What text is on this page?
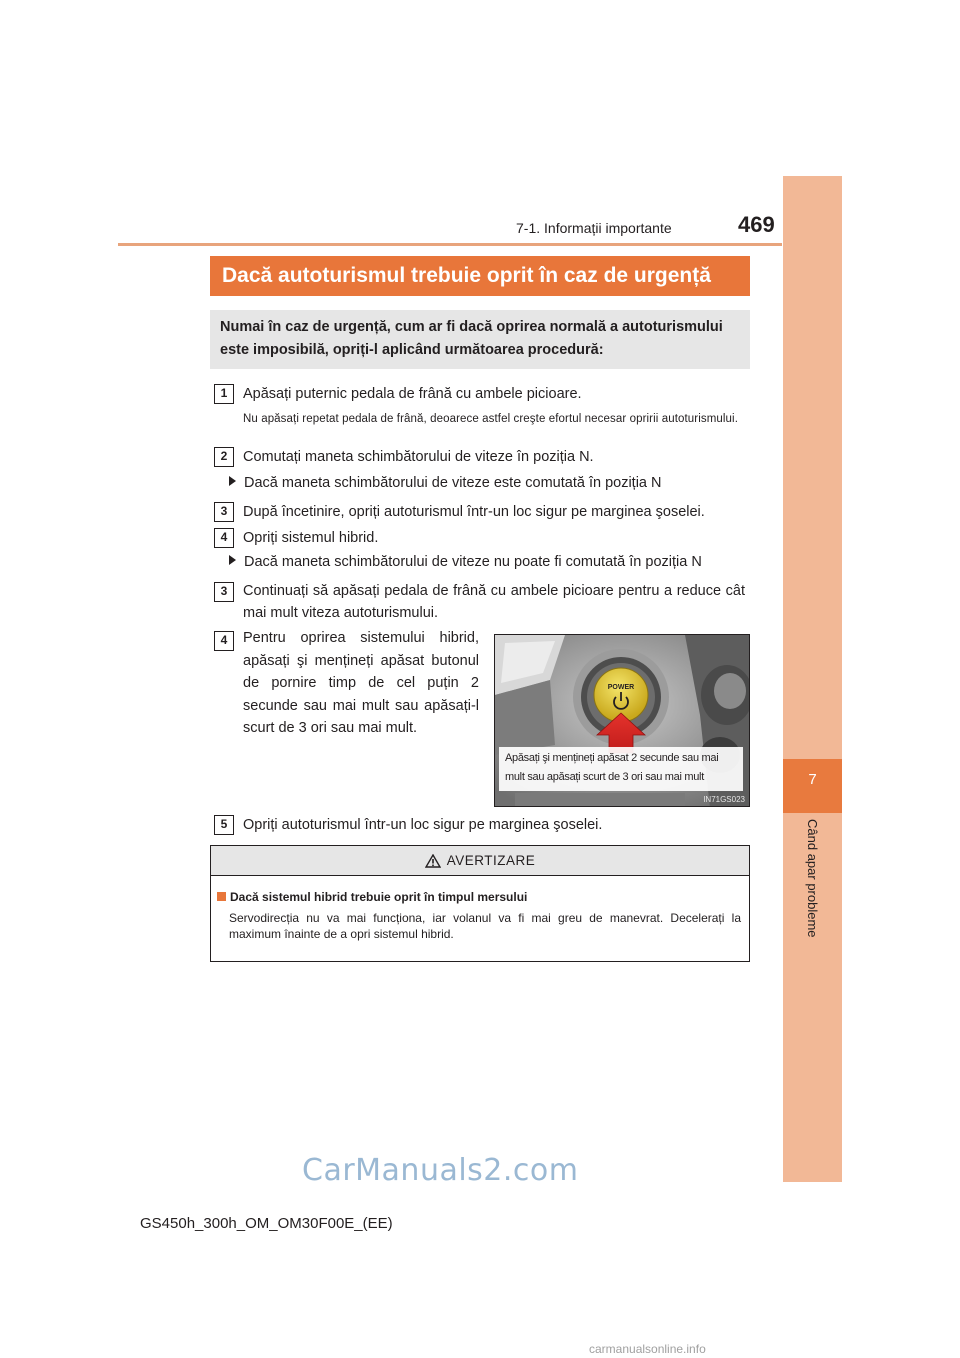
7-1. Informații importante	469
7
Când apar probleme
Dacă autoturismul trebuie oprit în caz de urgență
Numai în caz de urgență, cum ar fi dacă oprirea normală a autoturismului este imposibilă, opriți-l aplicând următoarea procedură:
1	Apăsați puternic pedala de frână cu ambele picioare.
Nu apăsați repetat pedala de frână, deoarece astfel creşte efortul necesar opririi autoturismului.
2	Comutați maneta schimbătorului de viteze în poziția N.
Dacă maneta schimbătorului de viteze este comutată în poziția N
3	După încetinire, opriți autoturismul într-un loc sigur pe marginea şoselei.
4	Opriți sistemul hibrid.
Dacă maneta schimbătorului de viteze nu poate fi comutată în poziția N
3	Continuați să apăsați pedala de frână cu ambele picioare pentru a reduce cât mai mult viteza autoturismului.
4	Pentru oprirea sistemului hibrid, apăsați şi mențineți apăsat butonul de pornire timp de cel puțin 2 secunde sau mai mult sau apăsați-l scurt de 3 ori sau mai mult.
POWER
Apăsați şi mențineți apăsat 2 secunde sau mai mult sau apăsați scurt de 3 ori sau mai mult
IN71GS023
5	Opriți autoturismul într-un loc sigur pe marginea şoselei.
AVERTIZARE
Dacă sistemul hibrid trebuie oprit în timpul mersului
Servodirecția nu va mai funcționa, iar volanul va fi mai greu de manevrat. Decelerați la maximum înainte de a opri sistemul hibrid.
CarManuals2.com
GS450h_300h_OM_OM30F00E_(EE)
carmanualsonline.info
